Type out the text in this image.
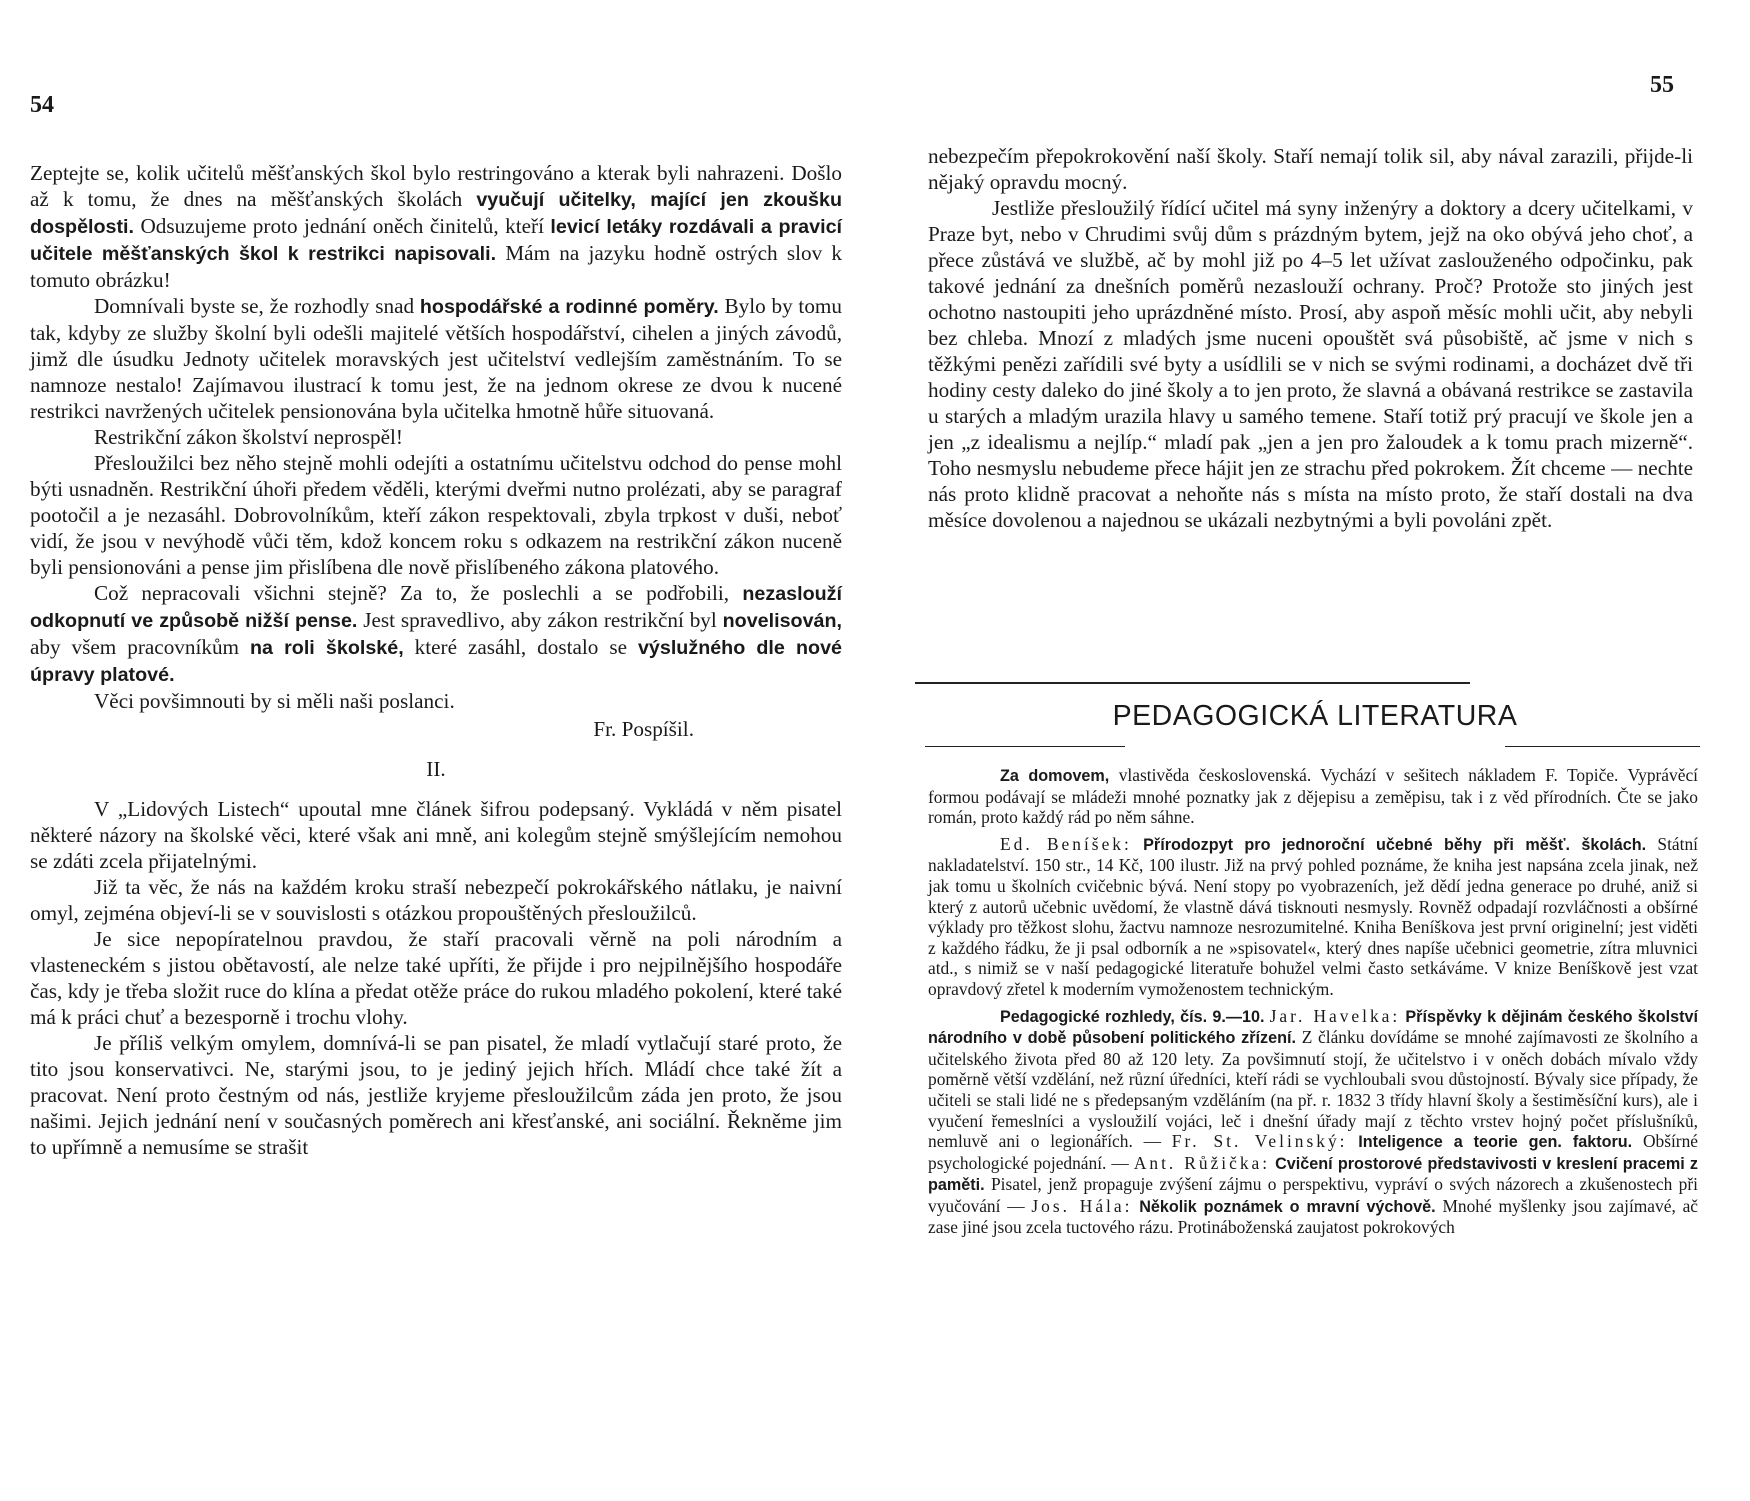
54

Zeptejte se, kolik učitelů měšťanských škol bylo restringováno a kterak byli nahrazeni. Došlo až k tomu, že dnes na měšťanských školách vyučují učitelky, mající jen zkoušku dospělosti. Odsuzujeme proto jednání oněch činitelů, kteří levicí letáky rozdávali a pravicí učitele měšťanských škol k restrikci napisovali. Mám na jazyku hodně ostrých slov k tomuto obrázku!

Domnívali byste se, že rozhodly snad hospodářské a rodinné poměry. Bylo by tomu tak, kdyby ze služby školní byli odešli majitelé větších hospodářství, cihelen a jiných závodů, jimž dle úsudku Jednoty učitelek moravských jest učitelství vedlejším zaměstnáním. To se namnoze nestalo! Zajímavou ilustrací k tomu jest, že na jednom okrese ze dvou k nucené restrikci navržených učitelek pensionována byla učitelka hmotně hůře situovaná.

Restrikční zákon školství neprospěl!

Přesloužilci bez něho stejně mohli odejíti a ostatnímu učitelstvu odchod do pense mohl býti usnadněn. Restrikční úhoři předem věděli, kterými dveřmi nutno prolézati, aby se paragraf pootočil a je nezasáhl. Dobrovolníkům, kteří zákon respektovali, zbyla trpkost v duši, neboť vidí, že jsou v nevýhodě vůči těm, kdož koncem roku s odkazem na restrikční zákon nuceně byli pensionováni a pense jim přislíbena dle nově přislíbeného zákona platového.

Což nepracovali všichni stejně? Za to, že poslechli a se podřobili, nezaslouží odkopnutí ve způsobě nižší pense. Jest spravedlivo, aby zákon restrikční byl novelisován, aby všem pracovníkům na roli školské, které zasáhl, dostalo se výslužného dle nové úpravy platové.

Věci povšimnouti by si měli naši poslanci.

Fr. Pospíšil.

II.

V „Lidových Listech“ upoutal mne článek šifrou podepsaný. Vykládá v něm pisatel některé názory na školské věci, které však ani mně, ani kolegům stejně smýšlejícím nemohou se zdáti zcela přijatelnými.

Již ta věc, že nás na každém kroku straší nebezpečí pokrokářského nátlaku, je naivní omyl, zejména objeví-li se v souvislosti s otázkou propouštěných přesloužilců.

Je sice nepopíratelnou pravdou, že staří pracovali věrně na poli národním a vlasteneckém s jistou obětavostí, ale nelze také upříti, že přijde i pro nejpilnějšího hospodáře čas, kdy je třeba složit ruce do klína a předat otěže práce do rukou mladého pokolení, které také má k práci chuť a bezesporně i trochu vlohy.

Je příliš velkým omylem, domnívá-li se pan pisatel, že mladí vytlačují staré proto, že tito jsou konservativci. Ne, starými jsou, to je jediný jejich hřích. Mládí chce také žít a pracovat. Není proto čestným od nás, jestliže kryjeme přesloužilcům záda jen proto, že jsou našimi. Jejich jednání není v současných poměrech ani křesťanské, ani sociální. Řekněme jim to upřímně a nemusíme se strašit

55

nebezpečím přepokrokovění naší školy. Staří nemají tolik sil, aby nával zarazili, přijde-li nějaký opravdu mocný.

Jestliže přesloužilý řídící učitel má syny inženýry a doktory a dcery učitelkami, v Praze byt, nebo v Chrudimi svůj dům s prázdným bytem, jejž na oko obývá jeho choť, a přece zůstává ve službě, ač by mohl již po 4–5 let užívat zaslouženého odpočinku, pak takové jednání za dnešních poměrů nezaslouží ochrany. Proč? Protože sto jiných jest ochotno nastoupiti jeho uprázdněné místo. Prosí, aby aspoň měsíc mohli učit, aby nebyli bez chleba. Mnozí z mladých jsme nuceni opouštět svá působiště, ač jsme v nich s těžkými penězi zařídili své byty a usídlili se v nich se svými rodinami, a docházet dvě tři hodiny cesty daleko do jiné školy a to jen proto, že slavná a obávaná restrikce se zastavila u starých a mladým urazila hlavy u samého temene. Staří totiž prý pracují ve škole jen a jen „z idealismu a nejlíp.“ mladí pak „jen a jen pro žaloudek a k tomu prach mizerně“. Toho nesmyslu nebudeme přece hájit jen ze strachu před pokrokem. Žít chceme — nechte nás proto klidně pracovat a nehoňte nás s místa na místo proto, že staří dostali na dva měsíce dovolenou a najednou se ukázali nezbytnými a byli povoláni zpět.

PEDAGOGICKÁ LITERATURA

Za domovem, vlastivěda československá. Vychází v sešitech nákladem F. Topiče. Vyprávěcí formou podávají se mládeži mnohé poznatky jak z dějepisu a zeměpisu, tak i z věd přírodních. Čte se jako román, proto každý rád po něm sáhne.

Ed. Beníšek: Přírodozpyt pro jednoroční učebné běhy při měšť. školách. Státní nakladatelství. 150 str., 14 Kč, 100 ilustr. Již na prvý pohled poznáme, že kniha jest napsána zcela jinak, než jak tomu u školních cvičebnic bývá. Není stopy po vyobrazeních, jež dědí jedna generace po druhé, aniž si který z autorů učebnic uvědomí, že vlastně dává tisknouti nesmysly. Rovněž odpadají rozvláčnosti a obšírné výklady pro těžkost slohu, žactvu namnoze nesrozumitelné. Kniha Beníškova jest první originelní; jest viděti z každého řádku, že ji psal odborník a ne »spisovatel«, který dnes napíše učebnici geometrie, zítra mluvnici atd., s nimiž se v naší pedagogické literatuře bohužel velmi často setkáváme. V knize Beníškově jest vzat opravdový zřetel k moderním vymoženostem technickým.

Pedagogické rozhledy, čís. 9.—10. Jar. Havelka: Příspěvky k dějinám českého školství národního v době působení politického zřízení. Z článku dovídáme se mnohé zajímavosti ze školního a učitelského života před 80 až 120 lety. Za povšimnutí stojí, že učitelstvo i v oněch dobách mívalo vždy poměrně větší vzdělání, než různí úředníci, kteří rádi se vychloubali svou důstojností. Bývaly sice případy, že učiteli se stali lidé ne s předepsaným vzděláním (na př. r. 1832 3 třídy hlavní školy a šestiměsíční kurs), ale i vyučení řemeslníci a vysloužilí vojáci, leč i dnešní úřady mají z těchto vrstev hojný počet příslušníků, nemluvě ani o legionářích. — Fr. St. Velinský: Inteligence a teorie gen. faktoru. Obšírné psychologické pojednání. — Ant. Růžička: Cvičení prostorové představivosti v kreslení pracemi z paměti. Pisatel, jenž propaguje zvýšení zájmu o perspektivu, vypráví o svých názorech a zkušenostech při vyučování — Jos. Hála: Několik poznámek o mravní výchově. Mnohé myšlenky jsou zajímavé, ač zase jiné jsou zcela tuctového rázu. Protináboženská zaujatost pokrokových
